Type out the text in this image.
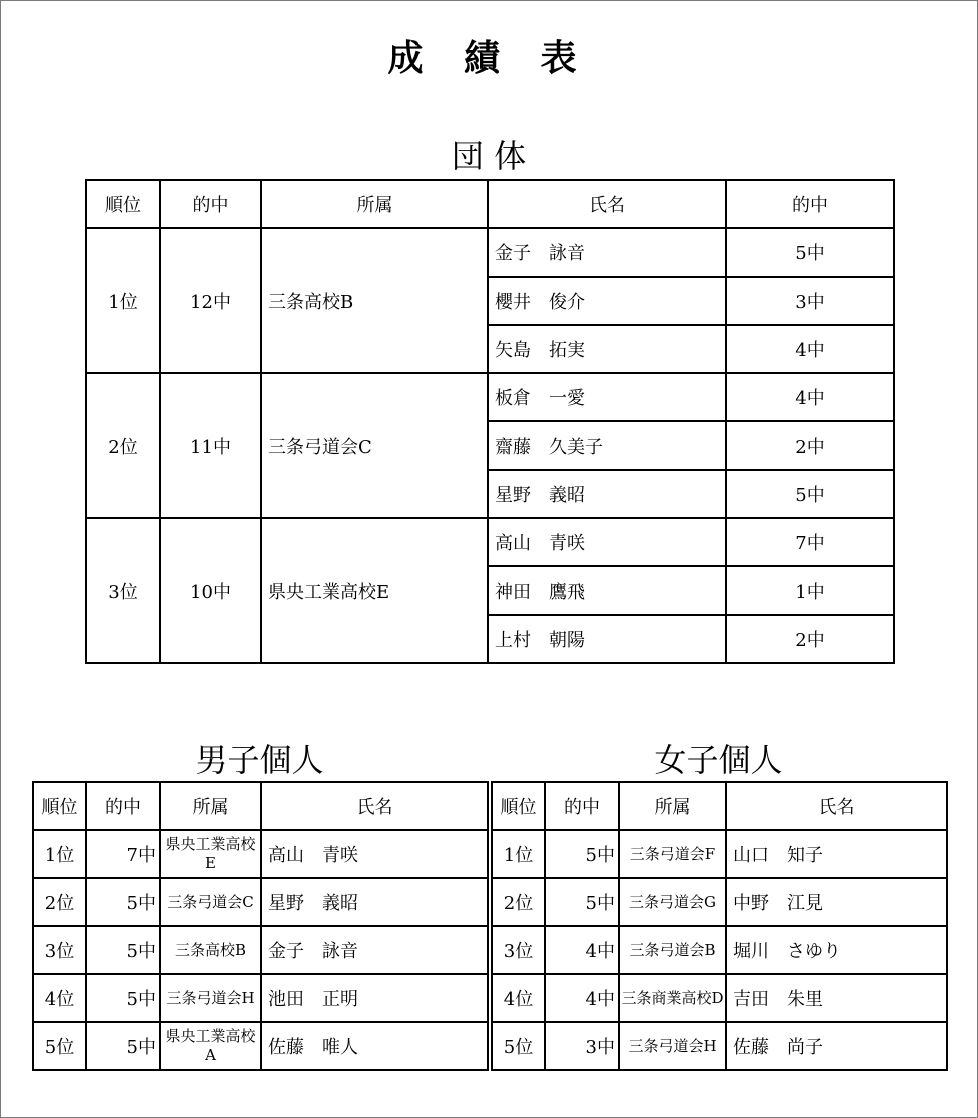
成 績 表
団 体
順位	的中	所属	氏名	的中
1位	12中	三条高校B	金子　詠音	5中
			櫻井　俊介	3中
			矢島　拓実	4中
2位	11中	三条弓道会C	板倉　一愛	4中
			齋藤　久美子	2中
			星野　義昭	5中
3位	10中	県央工業高校E	高山　青咲	7中
			神田　鷹飛	1中
			上村　朝陽	2中
男子個人	女子個人
順位	的中	所属	氏名
1位	7中	県央工業高校E	高山　青咲
2位	5中	三条弓道会C	星野　義昭
3位	5中	三条高校B	金子　詠音
4位	5中	三条弓道会H	池田　正明
5位	5中	県央工業高校A	佐藤　唯人
順位	的中	所属	氏名
1位	5中	三条弓道会F	山口　知子
2位	5中	三条弓道会G	中野　江見
3位	4中	三条弓道会B	堀川　さゆり
4位	4中	三条商業高校D	吉田　朱里
5位	3中	三条弓道会H	佐藤　尚子
